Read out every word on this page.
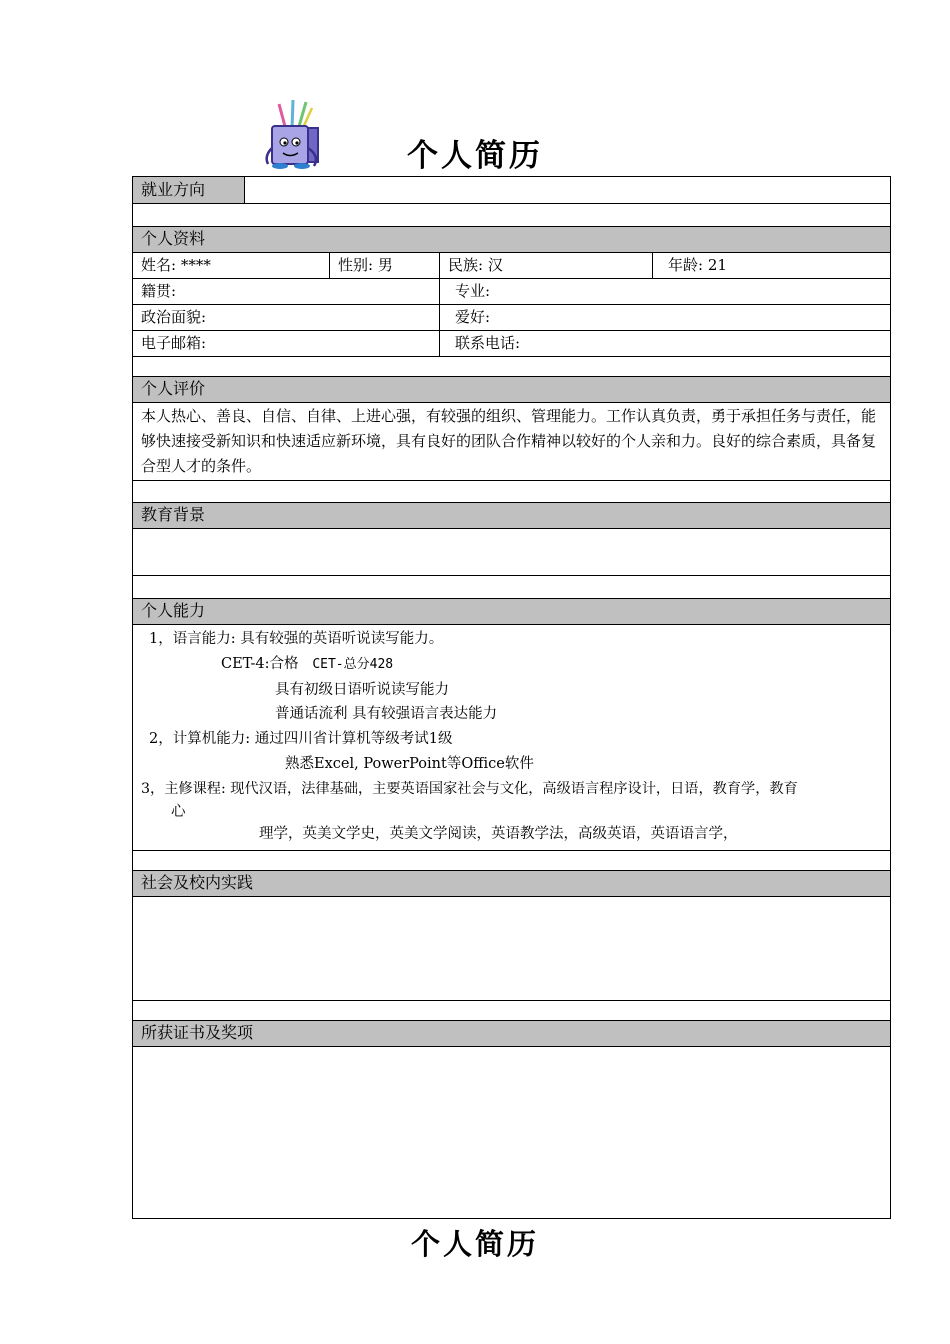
个人简历
就业方向
个人资料
姓名: ****	性别: 男	民族: 汉	年龄: 21
籍贯:	专业:
政治面貌:	爱好:
电子邮箱:	联系电话:
个人评价
本人热心、善良、自信、自律、上进心强，有较强的组织、管理能力。工作认真负责，勇于承担任务与责任，能够快速接受新知识和快速适应新环境，具有良好的团队合作精神以较好的个人亲和力。良好的综合素质，具备复合型人才的条件。
教育背景
个人能力
1，语言能力: 具有较强的英语听说读写能力。
CET-4:合格 CET-总分428
具有初级日语听说读写能力
普通话流利 具有较强语言表达能力
2，计算机能力: 通过四川省计算机等级考试1级
熟悉Excel, PowerPoint等Office软件
3，主修课程: 现代汉语，法律基础，主要英语国家社会与文化，高级语言程序设计，日语，教育学，教育
心
理学，英美文学史，英美文学阅读，英语教学法，高级英语，英语语言学，
社会及校内实践
所获证书及奖项
个人简历
